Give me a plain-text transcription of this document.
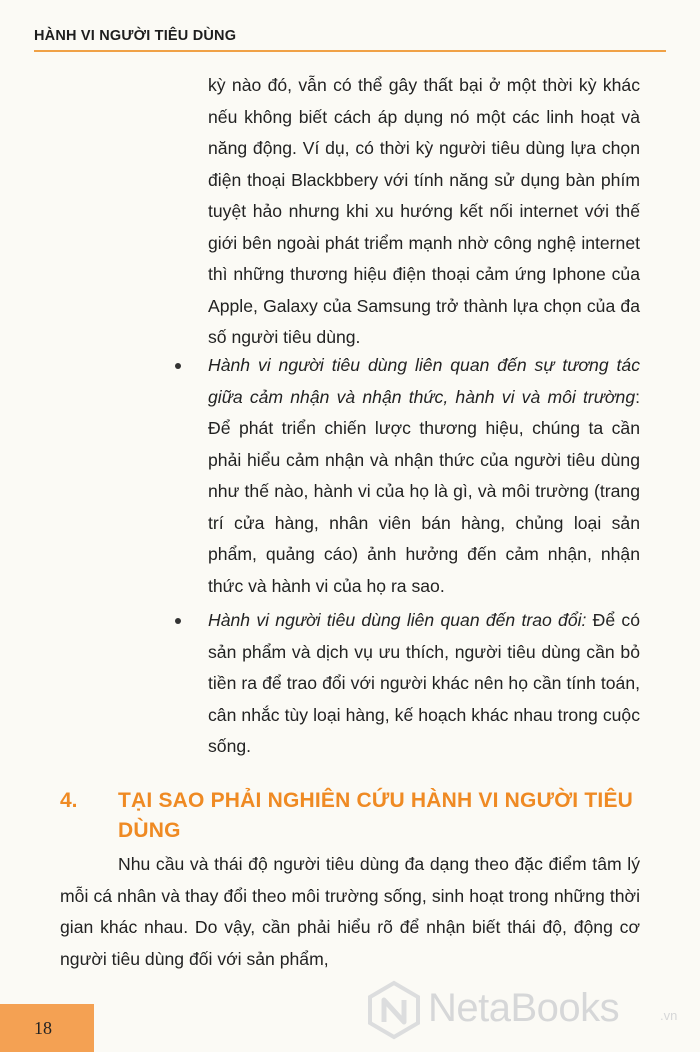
HÀNH VI NGƯỜI TIÊU DÙNG
kỳ nào đó, vẫn có thể gây thất bại ở một thời kỳ khác nếu không biết cách áp dụng nó một các linh hoạt và năng động. Ví dụ, có thời kỳ người tiêu dùng lựa chọn điện thoại Blackbbery với tính năng sử dụng bàn phím tuyệt hảo nhưng khi xu hướng kết nối internet với thế giới bên ngoài phát triểm mạnh nhờ công nghệ internet thì những thương hiệu điện thoại cảm ứng Iphone của Apple, Galaxy của Samsung trở thành lựa chọn của đa số người tiêu dùng.
Hành vi người tiêu dùng liên quan đến sự tương tác giữa cảm nhận và nhận thức, hành vi và môi trường: Để phát triển chiến lược thương hiệu, chúng ta cần phải hiểu cảm nhận và nhận thức của người tiêu dùng như thế nào, hành vi của họ là gì, và môi trường (trang trí cửa hàng, nhân viên bán hàng, chủng loại sản phẩm, quảng cáo) ảnh hưởng đến cảm nhận, nhận thức và hành vi của họ ra sao.
Hành vi người tiêu dùng liên quan đến trao đổi: Để có sản phẩm và dịch vụ ưu thích, người tiêu dùng cần bỏ tiền ra để trao đổi với người khác nên họ cần tính toán, cân nhắc tùy loại hàng, kế hoạch khác nhau trong cuộc sống.
4. TẠI SAO PHẢI NGHIÊN CỨU HÀNH VI NGƯỜI TIÊU DÙNG
Nhu cầu và thái độ người tiêu dùng đa dạng theo đặc điểm tâm lý mỗi cá nhân và thay đổi theo môi trường sống, sinh hoạt trong những thời gian khác nhau. Do vậy, cần phải hiểu rõ để nhận biết thái độ, động cơ người tiêu dùng đối với sản phẩm,
18	NetaBooks	.vn
